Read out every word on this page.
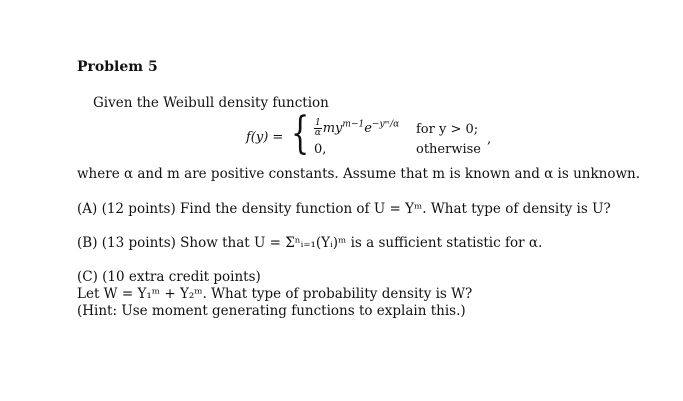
Problem 5
Given the Weibull density function
f(y) = { $\frac{1}{\alpha} my^{m-1}e^{-yᵐ/\alpha}$
0,
for y > 0;
otherwise
,
where α and m are positive constants. Assume that m is known and α is unknown.
(A) (12 points) Find the density function of U = Yᵐ. What type of density is U?
(B) (13 points) Show that U = Σⁿᵢ₌₁(Yᵢ)ᵐ is a sufficient statistic for α.
(C) (10 extra credit points)
Let W = Y₁ᵐ + Y₂ᵐ. What type of probability density is W?
(Hint: Use moment generating functions to explain this.)
